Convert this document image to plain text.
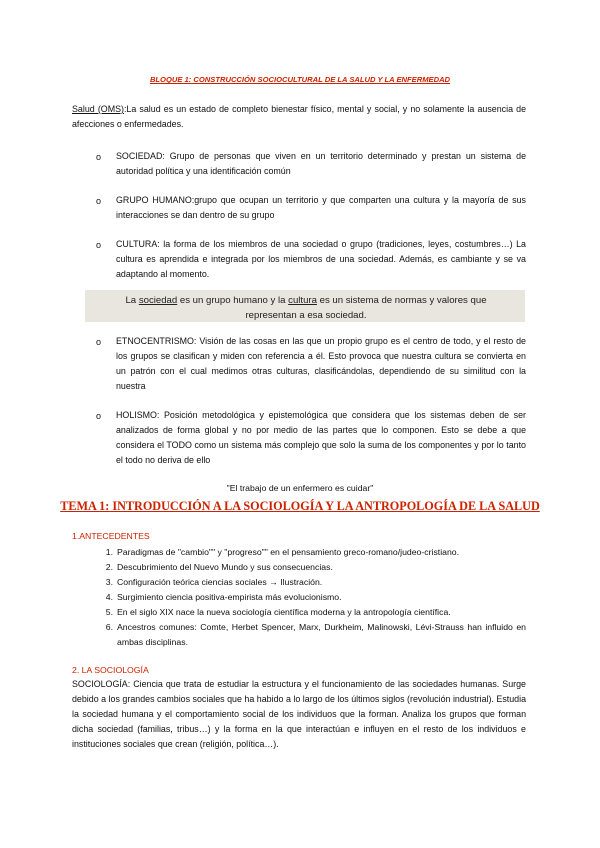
BLOQUE 1: CONSTRUCCIÓN SOCIOCULTURAL DE LA SALUD Y LA ENFERMEDAD
Salud (OMS):La salud es un estado de completo bienestar físico, mental y social, y no solamente la ausencia de afecciones o enfermedades.
o SOCIEDAD: Grupo de personas que viven en un territorio determinado y prestan un sistema de autoridad política y una identificación común
o GRUPO HUMANO:grupo que ocupan un territorio y que comparten una cultura y la mayoría de sus interacciones se dan dentro de su grupo
o CULTURA: la forma de los miembros de una sociedad o grupo (tradiciones, leyes, costumbres…) La cultura es aprendida e integrada por los miembros de una sociedad. Además, es cambiante y se va adaptando al momento.
La sociedad es un grupo humano y la cultura es un sistema de normas y valores que
representan a esa sociedad.
o ETNOCENTRISMO: Visión de las cosas en las que un propio grupo es el centro de todo, y el resto de los grupos se clasifican y miden con referencia a él. Esto provoca que nuestra cultura se convierta en un patrón con el cual medimos otras culturas, clasificándolas, dependiendo de su similitud con la nuestra
o HOLISMO: Posición metodológica y epistemológica que considera que los sistemas deben de ser analizados de forma global y no por medio de las partes que lo componen. Esto se debe a que considera el TODO como un sistema más complejo que solo la suma de los componentes y por lo tanto el todo no deriva de ello
"El trabajo de un enfermero es cuidar"
TEMA 1: INTRODUCCIÓN A LA SOCIOLOGÍA Y LA ANTROPOLOGÍA DE LA SALUD
1.ANTECEDENTES
1. Paradigmas de "cambio"" y "progreso"" en el pensamiento greco-romano/judeo-cristiano.
2. Descubrimiento del Nuevo Mundo y sus consecuencias.
3. Configuración teórica ciencias sociales → Ilustración.
4. Surgimiento ciencia positiva-empirista más evolucionismo.
5. En el siglo XIX nace la nueva sociología científica moderna y la antropología científica.
6. Ancestros comunes: Comte, Herbet Spencer, Marx, Durkheim, Malinowski, Lévi-Strauss han influido en ambas disciplinas.
2. LA SOCIOLOGÍA
SOCIOLOGÍA: Ciencia que trata de estudiar la estructura y el funcionamiento de las sociedades humanas. Surge debido a los grandes cambios sociales que ha habido a lo largo de los últimos siglos (revolución industrial). Estudia la sociedad humana y el comportamiento social de los individuos que la forman. Analiza los grupos que forman dicha sociedad (familias, tribus…) y la forma en la que interactúan e influyen en el resto de los individuos e instituciones sociales que crean (religión, política…).
